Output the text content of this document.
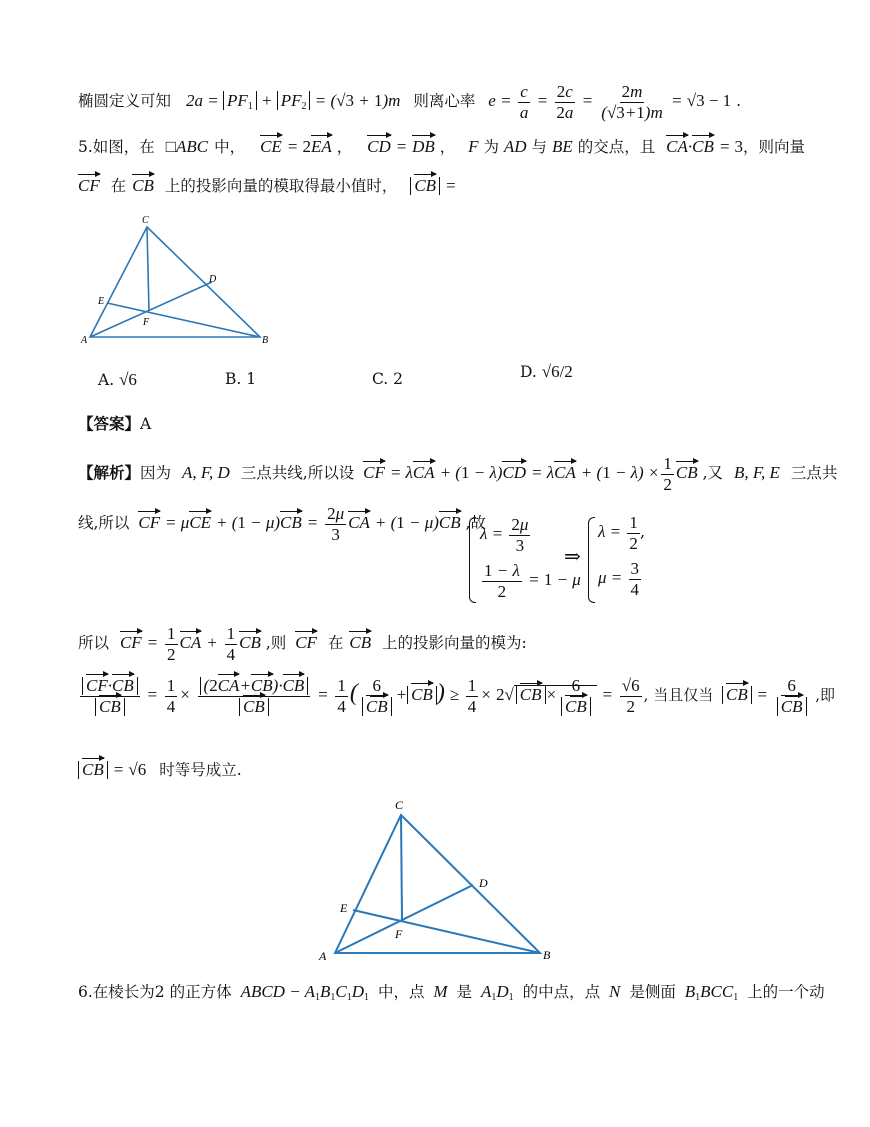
椭圆定义可知 $2a = PF_1 + PF_2 = (√3 + 1)m$ 则离心率 $e = \frac{c}{a} = \frac{2c}{2a} = \frac{2m}{(√3+1)m} = √3 - 1$ .
5.如图，在 □ABC 中， CE = 2EA ， CD = DB ， F 为 AD 与 BE 的交点，且 CA·CB = 3，则向量
CF 在 CB 上的投影向量的模取得最小值时， CB =
A	B
C
D
E
F
A. √6	B. 1	C. 2	D. √6/2
【答案】A
【解析】因为 A, F, D 三点共线,所以设 CF = $\lambda CA + (1 - \lambda)CD = \lambda CA + (1 - \lambda) \times \frac{1}{2}$ CB ,又 B, F, E 三点共
线,所以 CF = $\mu CE + (1 - \mu)CB = \frac{2\mu}{3}$ CA + (1 − μ)CB ,故
$\lambda = \frac{2\mu}{3}$
$\frac{1 - \lambda}{2} = 1 - \mu$
⇒
$\lambda = \frac{1}{2}$
$\mu = \frac{3}{4}$
,
所以 CF = $\frac{1}{2}$ CA + $\frac{1}{4}$ CB ,则 CF 在 CB 上的投影向量的模为:
$\frac{CF\cdot CB}{CB} = \frac{1}{4} \times \frac{(2CA+CB)\cdot CB}{CB} = \frac{1}{4}$ ( $\frac{6}{CB}$ + CB ) ≥ $\frac{1}{4} \times 2√$ CB × $\frac{6}{CB} = \frac{√6}{2}$ , 当且仅当 CB = $\frac{6}{CB}$ ,即
CB = √6 时等号成立.
A	B
C
D
E
F
6.在棱长为2 的正方体 ABCD − $A_1B_1C_1D_1$ 中，点 M 是 $A_1D_1$ 的中点，点 N 是侧面 $B_1BCC_1$ 上的一个动
